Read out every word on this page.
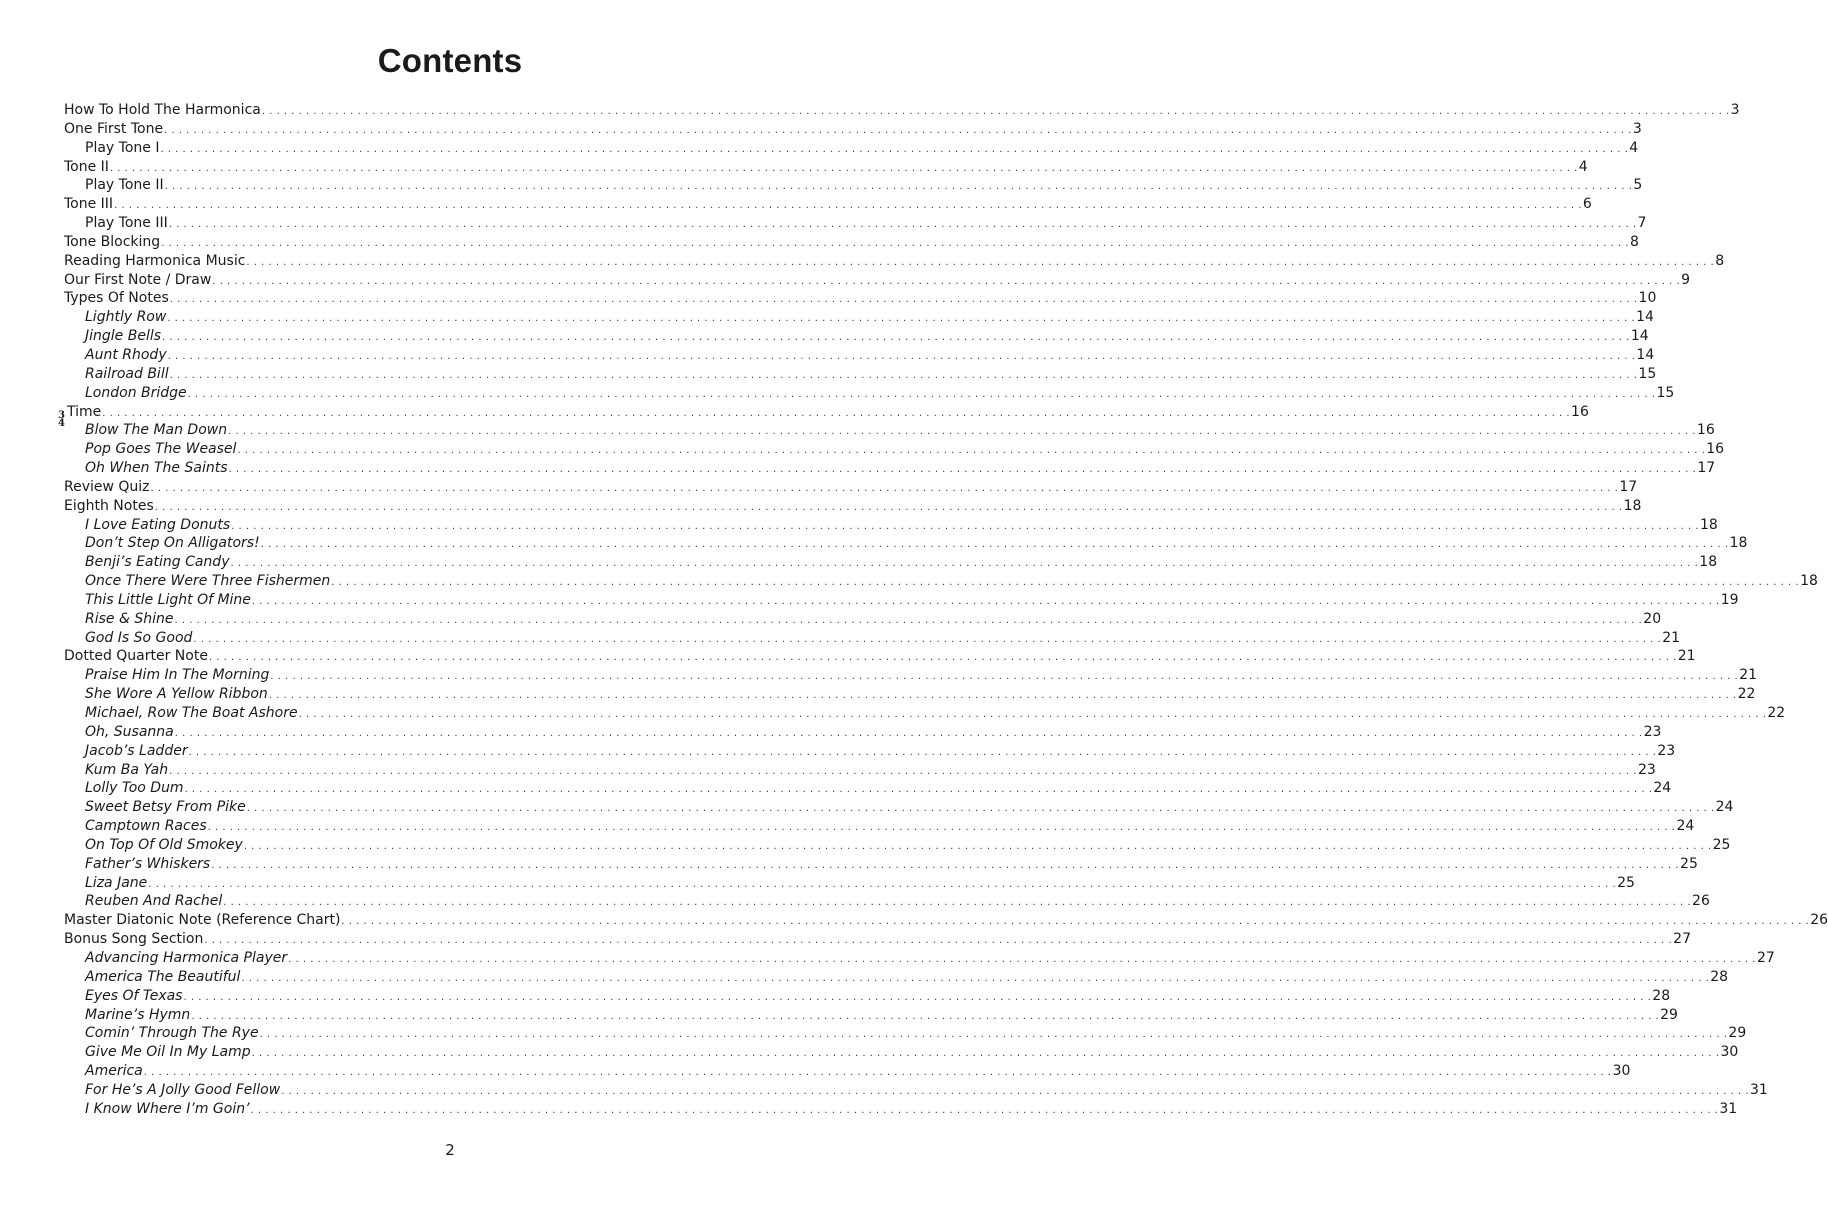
Contents
How To Hold The Harmonica . . . . . . . . . . . . . . . . . . . . . . . . . . . . . . . . . . . . . . . . . . . . . . . . . . . . . . . . . . . . . . . . . . . . . . . . . . . . . . . . . . . . . . . . . . . . . . . . . . . . . . . . . . . . . . . . . . . . . . . . . . . . . . . . . . . . . . . . . . . . . . . . . . . . . . . . . . . . . . . . . . . . . . . . . . . . . . . . . . . . . . . . . . . . . . . . . . . . . . . . 3
One First Tone . . . . . . . . . . . . . . . . . . . . . . . . . . . . . . . . . . . . . . . . . . . . . . . . . . . . . . . . . . . . . . . . . . . . . . . . . . . . . . . . . . . . . . . . . . . . . . . . . . . . . . . . . . . . . . . . . . . . . . . . . . . . . . . . . . . . . . . . . . . . . . . . . . . . . . . . . . . . . . . . . . . . . . . . . . . . . . . . . . . . . . . . . . . . . . . . . . . . . . . . 3
Play Tone I . . . . . . . . . . . . . . . . . . . . . . . . . . . . . . . . . . . . . . . . . . . . . . . . . . . . . . . . . . . . . . . . . . . . . . . . . . . . . . . . . . . . . . . . . . . . . . . . . . . . . . . . . . . . . . . . . . . . . . . . . . . . . . . . . . . . . . . . . . . . . . . . . . . . . . . . . . . . . . . . . . . . . . . . . . . . . . . . . . . . . . . . . . . . . . . . . . . . . . . . 4
Tone II . . . . . . . . . . . . . . . . . . . . . . . . . . . . . . . . . . . . . . . . . . . . . . . . . . . . . . . . . . . . . . . . . . . . . . . . . . . . . . . . . . . . . . . . . . . . . . . . . . . . . . . . . . . . . . . . . . . . . . . . . . . . . . . . . . . . . . . . . . . . . . . . . . . . . . . . . . . . . . . . . . . . . . . . . . . . . . . . . . . . . . . . . . . . . . . . . . . . . . . . 4
Play Tone II . . . . . . . . . . . . . . . . . . . . . . . . . . . . . . . . . . . . . . . . . . . . . . . . . . . . . . . . . . . . . . . . . . . . . . . . . . . . . . . . . . . . . . . . . . . . . . . . . . . . . . . . . . . . . . . . . . . . . . . . . . . . . . . . . . . . . . . . . . . . . . . . . . . . . . . . . . . . . . . . . . . . . . . . . . . . . . . . . . . . . . . . . . . . . . . . . . . . . . . . 5
Tone III . . . . . . . . . . . . . . . . . . . . . . . . . . . . . . . . . . . . . . . . . . . . . . . . . . . . . . . . . . . . . . . . . . . . . . . . . . . . . . . . . . . . . . . . . . . . . . . . . . . . . . . . . . . . . . . . . . . . . . . . . . . . . . . . . . . . . . . . . . . . . . . . . . . . . . . . . . . . . . . . . . . . . . . . . . . . . . . . . . . . . . . . . . . . . . . . . . . . . . . . 6
Play Tone III . . . . . . . . . . . . . . . . . . . . . . . . . . . . . . . . . . . . . . . . . . . . . . . . . . . . . . . . . . . . . . . . . . . . . . . . . . . . . . . . . . . . . . . . . . . . . . . . . . . . . . . . . . . . . . . . . . . . . . . . . . . . . . . . . . . . . . . . . . . . . . . . . . . . . . . . . . . . . . . . . . . . . . . . . . . . . . . . . . . . . . . . . . . . . . . . . . . . . . . . 7
Tone Blocking . . . . . . . . . . . . . . . . . . . . . . . . . . . . . . . . . . . . . . . . . . . . . . . . . . . . . . . . . . . . . . . . . . . . . . . . . . . . . . . . . . . . . . . . . . . . . . . . . . . . . . . . . . . . . . . . . . . . . . . . . . . . . . . . . . . . . . . . . . . . . . . . . . . . . . . . . . . . . . . . . . . . . . . . . . . . . . . . . . . . . . . . . . . . . . . . . . . . . . . . 8
Reading Harmonica Music . . . . . . . . . . . . . . . . . . . . . . . . . . . . . . . . . . . . . . . . . . . . . . . . . . . . . . . . . . . . . . . . . . . . . . . . . . . . . . . . . . . . . . . . . . . . . . . . . . . . . . . . . . . . . . . . . . . . . . . . . . . . . . . . . . . . . . . . . . . . . . . . . . . . . . . . . . . . . . . . . . . . . . . . . . . . . . . . . . . . . . . . . . . . . . . . . . . . . . . . 8
Our First Note / Draw . . . . . . . . . . . . . . . . . . . . . . . . . . . . . . . . . . . . . . . . . . . . . . . . . . . . . . . . . . . . . . . . . . . . . . . . . . . . . . . . . . . . . . . . . . . . . . . . . . . . . . . . . . . . . . . . . . . . . . . . . . . . . . . . . . . . . . . . . . . . . . . . . . . . . . . . . . . . . . . . . . . . . . . . . . . . . . . . . . . . . . . . . . . . . . . . . . . . . . . . 9
Types Of Notes . . . . . . . . . . . . . . . . . . . . . . . . . . . . . . . . . . . . . . . . . . . . . . . . . . . . . . . . . . . . . . . . . . . . . . . . . . . . . . . . . . . . . . . . . . . . . . . . . . . . . . . . . . . . . . . . . . . . . . . . . . . . . . . . . . . . . . . . . . . . . . . . . . . . . . . . . . . . . . . . . . . . . . . . . . . . . . . . . . . . . . . . . . . . . . . . . . . . . . . . 10
Lightly Row . . . . . . . . . . . . . . . . . . . . . . . . . . . . . . . . . . . . . . . . . . . . . . . . . . . . . . . . . . . . . . . . . . . . . . . . . . . . . . . . . . . . . . . . . . . . . . . . . . . . . . . . . . . . . . . . . . . . . . . . . . . . . . . . . . . . . . . . . . . . . . . . . . . . . . . . . . . . . . . . . . . . . . . . . . . . . . . . . . . . . . . . . . . . . . . . . . . . . . . . 14
Jingle Bells . . . . . . . . . . . . . . . . . . . . . . . . . . . . . . . . . . . . . . . . . . . . . . . . . . . . . . . . . . . . . . . . . . . . . . . . . . . . . . . . . . . . . . . . . . . . . . . . . . . . . . . . . . . . . . . . . . . . . . . . . . . . . . . . . . . . . . . . . . . . . . . . . . . . . . . . . . . . . . . . . . . . . . . . . . . . . . . . . . . . . . . . . . . . . . . . . . . . . . . . 14
Aunt Rhody . . . . . . . . . . . . . . . . . . . . . . . . . . . . . . . . . . . . . . . . . . . . . . . . . . . . . . . . . . . . . . . . . . . . . . . . . . . . . . . . . . . . . . . . . . . . . . . . . . . . . . . . . . . . . . . . . . . . . . . . . . . . . . . . . . . . . . . . . . . . . . . . . . . . . . . . . . . . . . . . . . . . . . . . . . . . . . . . . . . . . . . . . . . . . . . . . . . . . . . . 14
Railroad Bill . . . . . . . . . . . . . . . . . . . . . . . . . . . . . . . . . . . . . . . . . . . . . . . . . . . . . . . . . . . . . . . . . . . . . . . . . . . . . . . . . . . . . . . . . . . . . . . . . . . . . . . . . . . . . . . . . . . . . . . . . . . . . . . . . . . . . . . . . . . . . . . . . . . . . . . . . . . . . . . . . . . . . . . . . . . . . . . . . . . . . . . . . . . . . . . . . . . . . . . . 15
London Bridge . . . . . . . . . . . . . . . . . . . . . . . . . . . . . . . . . . . . . . . . . . . . . . . . . . . . . . . . . . . . . . . . . . . . . . . . . . . . . . . . . . . . . . . . . . . . . . . . . . . . . . . . . . . . . . . . . . . . . . . . . . . . . . . . . . . . . . . . . . . . . . . . . . . . . . . . . . . . . . . . . . . . . . . . . . . . . . . . . . . . . . . . . . . . . . . . . . . . . . . . 15
3
4
Time . . . . . . . . . . . . . . . . . . . . . . . . . . . . . . . . . . . . . . . . . . . . . . . . . . . . . . . . . . . . . . . . . . . . . . . . . . . . . . . . . . . . . . . . . . . . . . . . . . . . . . . . . . . . . . . . . . . . . . . . . . . . . . . . . . . . . . . . . . . . . . . . . . . . . . . . . . . . . . . . . . . . . . . . . . . . . . . . . . . . . . . . . . . . . . . . . . . . . . . . 16
Blow The Man Down . . . . . . . . . . . . . . . . . . . . . . . . . . . . . . . . . . . . . . . . . . . . . . . . . . . . . . . . . . . . . . . . . . . . . . . . . . . . . . . . . . . . . . . . . . . . . . . . . . . . . . . . . . . . . . . . . . . . . . . . . . . . . . . . . . . . . . . . . . . . . . . . . . . . . . . . . . . . . . . . . . . . . . . . . . . . . . . . . . . . . . . . . . . . . . . . . . . . . . . . 16
Pop Goes The Weasel . . . . . . . . . . . . . . . . . . . . . . . . . . . . . . . . . . . . . . . . . . . . . . . . . . . . . . . . . . . . . . . . . . . . . . . . . . . . . . . . . . . . . . . . . . . . . . . . . . . . . . . . . . . . . . . . . . . . . . . . . . . . . . . . . . . . . . . . . . . . . . . . . . . . . . . . . . . . . . . . . . . . . . . . . . . . . . . . . . . . . . . . . . . . . . . . . . . . . . . . 16
Oh When The Saints . . . . . . . . . . . . . . . . . . . . . . . . . . . . . . . . . . . . . . . . . . . . . . . . . . . . . . . . . . . . . . . . . . . . . . . . . . . . . . . . . . . . . . . . . . . . . . . . . . . . . . . . . . . . . . . . . . . . . . . . . . . . . . . . . . . . . . . . . . . . . . . . . . . . . . . . . . . . . . . . . . . . . . . . . . . . . . . . . . . . . . . . . . . . . . . . . . . . . . . . 17
Review Quiz . . . . . . . . . . . . . . . . . . . . . . . . . . . . . . . . . . . . . . . . . . . . . . . . . . . . . . . . . . . . . . . . . . . . . . . . . . . . . . . . . . . . . . . . . . . . . . . . . . . . . . . . . . . . . . . . . . . . . . . . . . . . . . . . . . . . . . . . . . . . . . . . . . . . . . . . . . . . . . . . . . . . . . . . . . . . . . . . . . . . . . . . . . . . . . . . . . . . . . . . 17
Eighth Notes . . . . . . . . . . . . . . . . . . . . . . . . . . . . . . . . . . . . . . . . . . . . . . . . . . . . . . . . . . . . . . . . . . . . . . . . . . . . . . . . . . . . . . . . . . . . . . . . . . . . . . . . . . . . . . . . . . . . . . . . . . . . . . . . . . . . . . . . . . . . . . . . . . . . . . . . . . . . . . . . . . . . . . . . . . . . . . . . . . . . . . . . . . . . . . . . . . . . . . . . 18
I Love Eating Donuts . . . . . . . . . . . . . . . . . . . . . . . . . . . . . . . . . . . . . . . . . . . . . . . . . . . . . . . . . . . . . . . . . . . . . . . . . . . . . . . . . . . . . . . . . . . . . . . . . . . . . . . . . . . . . . . . . . . . . . . . . . . . . . . . . . . . . . . . . . . . . . . . . . . . . . . . . . . . . . . . . . . . . . . . . . . . . . . . . . . . . . . . . . . . . . . . . . . . . . . . 18
Don’t Step On Alligators! . . . . . . . . . . . . . . . . . . . . . . . . . . . . . . . . . . . . . . . . . . . . . . . . . . . . . . . . . . . . . . . . . . . . . . . . . . . . . . . . . . . . . . . . . . . . . . . . . . . . . . . . . . . . . . . . . . . . . . . . . . . . . . . . . . . . . . . . . . . . . . . . . . . . . . . . . . . . . . . . . . . . . . . . . . . . . . . . . . . . . . . . . . . . . . . . . . . . . . . . 18
Benji’s Eating Candy . . . . . . . . . . . . . . . . . . . . . . . . . . . . . . . . . . . . . . . . . . . . . . . . . . . . . . . . . . . . . . . . . . . . . . . . . . . . . . . . . . . . . . . . . . . . . . . . . . . . . . . . . . . . . . . . . . . . . . . . . . . . . . . . . . . . . . . . . . . . . . . . . . . . . . . . . . . . . . . . . . . . . . . . . . . . . . . . . . . . . . . . . . . . . . . . . . . . . . . . 18
Once There Were Three Fishermen . . . . . . . . . . . . . . . . . . . . . . . . . . . . . . . . . . . . . . . . . . . . . . . . . . . . . . . . . . . . . . . . . . . . . . . . . . . . . . . . . . . . . . . . . . . . . . . . . . . . . . . . . . . . . . . . . . . . . . . . . . . . . . . . . . . . . . . . . . . . . . . . . . . . . . . . . . . . . . . . . . . . . . . . . . . . . . . . . . . . . . . . . . . . . . . . . . . . . . . . 18
This Little Light Of Mine . . . . . . . . . . . . . . . . . . . . . . . . . . . . . . . . . . . . . . . . . . . . . . . . . . . . . . . . . . . . . . . . . . . . . . . . . . . . . . . . . . . . . . . . . . . . . . . . . . . . . . . . . . . . . . . . . . . . . . . . . . . . . . . . . . . . . . . . . . . . . . . . . . . . . . . . . . . . . . . . . . . . . . . . . . . . . . . . . . . . . . . . . . . . . . . . . . . . . . . . 19
Rise & Shine . . . . . . . . . . . . . . . . . . . . . . . . . . . . . . . . . . . . . . . . . . . . . . . . . . . . . . . . . . . . . . . . . . . . . . . . . . . . . . . . . . . . . . . . . . . . . . . . . . . . . . . . . . . . . . . . . . . . . . . . . . . . . . . . . . . . . . . . . . . . . . . . . . . . . . . . . . . . . . . . . . . . . . . . . . . . . . . . . . . . . . . . . . . . . . . . . . . . . . . . 20
God Is So Good . . . . . . . . . . . . . . . . . . . . . . . . . . . . . . . . . . . . . . . . . . . . . . . . . . . . . . . . . . . . . . . . . . . . . . . . . . . . . . . . . . . . . . . . . . . . . . . . . . . . . . . . . . . . . . . . . . . . . . . . . . . . . . . . . . . . . . . . . . . . . . . . . . . . . . . . . . . . . . . . . . . . . . . . . . . . . . . . . . . . . . . . . . . . . . . . . . . . . . . . 21
Dotted Quarter Note . . . . . . . . . . . . . . . . . . . . . . . . . . . . . . . . . . . . . . . . . . . . . . . . . . . . . . . . . . . . . . . . . . . . . . . . . . . . . . . . . . . . . . . . . . . . . . . . . . . . . . . . . . . . . . . . . . . . . . . . . . . . . . . . . . . . . . . . . . . . . . . . . . . . . . . . . . . . . . . . . . . . . . . . . . . . . . . . . . . . . . . . . . . . . . . . . . . . . . . . 21
Praise Him In The Morning . . . . . . . . . . . . . . . . . . . . . . . . . . . . . . . . . . . . . . . . . . . . . . . . . . . . . . . . . . . . . . . . . . . . . . . . . . . . . . . . . . . . . . . . . . . . . . . . . . . . . . . . . . . . . . . . . . . . . . . . . . . . . . . . . . . . . . . . . . . . . . . . . . . . . . . . . . . . . . . . . . . . . . . . . . . . . . . . . . . . . . . . . . . . . . . . . . . . . . . . 21
She Wore A Yellow Ribbon . . . . . . . . . . . . . . . . . . . . . . . . . . . . . . . . . . . . . . . . . . . . . . . . . . . . . . . . . . . . . . . . . . . . . . . . . . . . . . . . . . . . . . . . . . . . . . . . . . . . . . . . . . . . . . . . . . . . . . . . . . . . . . . . . . . . . . . . . . . . . . . . . . . . . . . . . . . . . . . . . . . . . . . . . . . . . . . . . . . . . . . . . . . . . . . . . . . . . . . . 22
Michael, Row The Boat Ashore . . . . . . . . . . . . . . . . . . . . . . . . . . . . . . . . . . . . . . . . . . . . . . . . . . . . . . . . . . . . . . . . . . . . . . . . . . . . . . . . . . . . . . . . . . . . . . . . . . . . . . . . . . . . . . . . . . . . . . . . . . . . . . . . . . . . . . . . . . . . . . . . . . . . . . . . . . . . . . . . . . . . . . . . . . . . . . . . . . . . . . . . . . . . . . . . . . . . . . . . 22
Oh, Susanna . . . . . . . . . . . . . . . . . . . . . . . . . . . . . . . . . . . . . . . . . . . . . . . . . . . . . . . . . . . . . . . . . . . . . . . . . . . . . . . . . . . . . . . . . . . . . . . . . . . . . . . . . . . . . . . . . . . . . . . . . . . . . . . . . . . . . . . . . . . . . . . . . . . . . . . . . . . . . . . . . . . . . . . . . . . . . . . . . . . . . . . . . . . . . . . . . . . . . . . . 23
Jacob’s Ladder . . . . . . . . . . . . . . . . . . . . . . . . . . . . . . . . . . . . . . . . . . . . . . . . . . . . . . . . . . . . . . . . . . . . . . . . . . . . . . . . . . . . . . . . . . . . . . . . . . . . . . . . . . . . . . . . . . . . . . . . . . . . . . . . . . . . . . . . . . . . . . . . . . . . . . . . . . . . . . . . . . . . . . . . . . . . . . . . . . . . . . . . . . . . . . . . . . . . . . . . 23
Kum Ba Yah . . . . . . . . . . . . . . . . . . . . . . . . . . . . . . . . . . . . . . . . . . . . . . . . . . . . . . . . . . . . . . . . . . . . . . . . . . . . . . . . . . . . . . . . . . . . . . . . . . . . . . . . . . . . . . . . . . . . . . . . . . . . . . . . . . . . . . . . . . . . . . . . . . . . . . . . . . . . . . . . . . . . . . . . . . . . . . . . . . . . . . . . . . . . . . . . . . . . . . . . 23
Lolly Too Dum . . . . . . . . . . . . . . . . . . . . . . . . . . . . . . . . . . . . . . . . . . . . . . . . . . . . . . . . . . . . . . . . . . . . . . . . . . . . . . . . . . . . . . . . . . . . . . . . . . . . . . . . . . . . . . . . . . . . . . . . . . . . . . . . . . . . . . . . . . . . . . . . . . . . . . . . . . . . . . . . . . . . . . . . . . . . . . . . . . . . . . . . . . . . . . . . . . . . . . . . 24
Sweet Betsy From Pike . . . . . . . . . . . . . . . . . . . . . . . . . . . . . . . . . . . . . . . . . . . . . . . . . . . . . . . . . . . . . . . . . . . . . . . . . . . . . . . . . . . . . . . . . . . . . . . . . . . . . . . . . . . . . . . . . . . . . . . . . . . . . . . . . . . . . . . . . . . . . . . . . . . . . . . . . . . . . . . . . . . . . . . . . . . . . . . . . . . . . . . . . . . . . . . . . . . . . . . . 24
Camptown Races . . . . . . . . . . . . . . . . . . . . . . . . . . . . . . . . . . . . . . . . . . . . . . . . . . . . . . . . . . . . . . . . . . . . . . . . . . . . . . . . . . . . . . . . . . . . . . . . . . . . . . . . . . . . . . . . . . . . . . . . . . . . . . . . . . . . . . . . . . . . . . . . . . . . . . . . . . . . . . . . . . . . . . . . . . . . . . . . . . . . . . . . . . . . . . . . . . . . . . . . 24
On Top Of Old Smokey . . . . . . . . . . . . . . . . . . . . . . . . . . . . . . . . . . . . . . . . . . . . . . . . . . . . . . . . . . . . . . . . . . . . . . . . . . . . . . . . . . . . . . . . . . . . . . . . . . . . . . . . . . . . . . . . . . . . . . . . . . . . . . . . . . . . . . . . . . . . . . . . . . . . . . . . . . . . . . . . . . . . . . . . . . . . . . . . . . . . . . . . . . . . . . . . . . . . . . . . 25
Father’s Whiskers . . . . . . . . . . . . . . . . . . . . . . . . . . . . . . . . . . . . . . . . . . . . . . . . . . . . . . . . . . . . . . . . . . . . . . . . . . . . . . . . . . . . . . . . . . . . . . . . . . . . . . . . . . . . . . . . . . . . . . . . . . . . . . . . . . . . . . . . . . . . . . . . . . . . . . . . . . . . . . . . . . . . . . . . . . . . . . . . . . . . . . . . . . . . . . . . . . . . . . . . 25
Liza Jane . . . . . . . . . . . . . . . . . . . . . . . . . . . . . . . . . . . . . . . . . . . . . . . . . . . . . . . . . . . . . . . . . . . . . . . . . . . . . . . . . . . . . . . . . . . . . . . . . . . . . . . . . . . . . . . . . . . . . . . . . . . . . . . . . . . . . . . . . . . . . . . . . . . . . . . . . . . . . . . . . . . . . . . . . . . . . . . . . . . . . . . . . . . . . . . . . . . . . . . . 25
Reuben And Rachel . . . . . . . . . . . . . . . . . . . . . . . . . . . . . . . . . . . . . . . . . . . . . . . . . . . . . . . . . . . . . . . . . . . . . . . . . . . . . . . . . . . . . . . . . . . . . . . . . . . . . . . . . . . . . . . . . . . . . . . . . . . . . . . . . . . . . . . . . . . . . . . . . . . . . . . . . . . . . . . . . . . . . . . . . . . . . . . . . . . . . . . . . . . . . . . . . . . . . . . . 26
Master Diatonic Note (Reference Chart) . . . . . . . . . . . . . . . . . . . . . . . . . . . . . . . . . . . . . . . . . . . . . . . . . . . . . . . . . . . . . . . . . . . . . . . . . . . . . . . . . . . . . . . . . . . . . . . . . . . . . . . . . . . . . . . . . . . . . . . . . . . . . . . . . . . . . . . . . . . . . . . . . . . . . . . . . . . . . . . . . . . . . . . . . . . . . . . . . . . . . . . . . . . . . . . . . . . . . . . . 26
Bonus Song Section . . . . . . . . . . . . . . . . . . . . . . . . . . . . . . . . . . . . . . . . . . . . . . . . . . . . . . . . . . . . . . . . . . . . . . . . . . . . . . . . . . . . . . . . . . . . . . . . . . . . . . . . . . . . . . . . . . . . . . . . . . . . . . . . . . . . . . . . . . . . . . . . . . . . . . . . . . . . . . . . . . . . . . . . . . . . . . . . . . . . . . . . . . . . . . . . . . . . . . . . 27
Advancing Harmonica Player . . . . . . . . . . . . . . . . . . . . . . . . . . . . . . . . . . . . . . . . . . . . . . . . . . . . . . . . . . . . . . . . . . . . . . . . . . . . . . . . . . . . . . . . . . . . . . . . . . . . . . . . . . . . . . . . . . . . . . . . . . . . . . . . . . . . . . . . . . . . . . . . . . . . . . . . . . . . . . . . . . . . . . . . . . . . . . . . . . . . . . . . . . . . . . . . . . . . . . . . 27
America The Beautiful . . . . . . . . . . . . . . . . . . . . . . . . . . . . . . . . . . . . . . . . . . . . . . . . . . . . . . . . . . . . . . . . . . . . . . . . . . . . . . . . . . . . . . . . . . . . . . . . . . . . . . . . . . . . . . . . . . . . . . . . . . . . . . . . . . . . . . . . . . . . . . . . . . . . . . . . . . . . . . . . . . . . . . . . . . . . . . . . . . . . . . . . . . . . . . . . . . . . . . . . 28
Eyes Of Texas . . . . . . . . . . . . . . . . . . . . . . . . . . . . . . . . . . . . . . . . . . . . . . . . . . . . . . . . . . . . . . . . . . . . . . . . . . . . . . . . . . . . . . . . . . . . . . . . . . . . . . . . . . . . . . . . . . . . . . . . . . . . . . . . . . . . . . . . . . . . . . . . . . . . . . . . . . . . . . . . . . . . . . . . . . . . . . . . . . . . . . . . . . . . . . . . . . . . . . . . 28
Marine’s Hymn . . . . . . . . . . . . . . . . . . . . . . . . . . . . . . . . . . . . . . . . . . . . . . . . . . . . . . . . . . . . . . . . . . . . . . . . . . . . . . . . . . . . . . . . . . . . . . . . . . . . . . . . . . . . . . . . . . . . . . . . . . . . . . . . . . . . . . . . . . . . . . . . . . . . . . . . . . . . . . . . . . . . . . . . . . . . . . . . . . . . . . . . . . . . . . . . . . . . . . . . 29
Comin’ Through The Rye . . . . . . . . . . . . . . . . . . . . . . . . . . . . . . . . . . . . . . . . . . . . . . . . . . . . . . . . . . . . . . . . . . . . . . . . . . . . . . . . . . . . . . . . . . . . . . . . . . . . . . . . . . . . . . . . . . . . . . . . . . . . . . . . . . . . . . . . . . . . . . . . . . . . . . . . . . . . . . . . . . . . . . . . . . . . . . . . . . . . . . . . . . . . . . . . . . . . . . . . 29
Give Me Oil In My Lamp . . . . . . . . . . . . . . . . . . . . . . . . . . . . . . . . . . . . . . . . . . . . . . . . . . . . . . . . . . . . . . . . . . . . . . . . . . . . . . . . . . . . . . . . . . . . . . . . . . . . . . . . . . . . . . . . . . . . . . . . . . . . . . . . . . . . . . . . . . . . . . . . . . . . . . . . . . . . . . . . . . . . . . . . . . . . . . . . . . . . . . . . . . . . . . . . . . . . . . . . 30
America . . . . . . . . . . . . . . . . . . . . . . . . . . . . . . . . . . . . . . . . . . . . . . . . . . . . . . . . . . . . . . . . . . . . . . . . . . . . . . . . . . . . . . . . . . . . . . . . . . . . . . . . . . . . . . . . . . . . . . . . . . . . . . . . . . . . . . . . . . . . . . . . . . . . . . . . . . . . . . . . . . . . . . . . . . . . . . . . . . . . . . . . . . . . . . . . . . . . . . . . 30
For He’s A Jolly Good Fellow . . . . . . . . . . . . . . . . . . . . . . . . . . . . . . . . . . . . . . . . . . . . . . . . . . . . . . . . . . . . . . . . . . . . . . . . . . . . . . . . . . . . . . . . . . . . . . . . . . . . . . . . . . . . . . . . . . . . . . . . . . . . . . . . . . . . . . . . . . . . . . . . . . . . . . . . . . . . . . . . . . . . . . . . . . . . . . . . . . . . . . . . . . . . . . . . . . . . . . . . 31
I Know Where I’m Goin’ . . . . . . . . . . . . . . . . . . . . . . . . . . . . . . . . . . . . . . . . . . . . . . . . . . . . . . . . . . . . . . . . . . . . . . . . . . . . . . . . . . . . . . . . . . . . . . . . . . . . . . . . . . . . . . . . . . . . . . . . . . . . . . . . . . . . . . . . . . . . . . . . . . . . . . . . . . . . . . . . . . . . . . . . . . . . . . . . . . . . . . . . . . . . . . . . . . . . . . . . 31
2
